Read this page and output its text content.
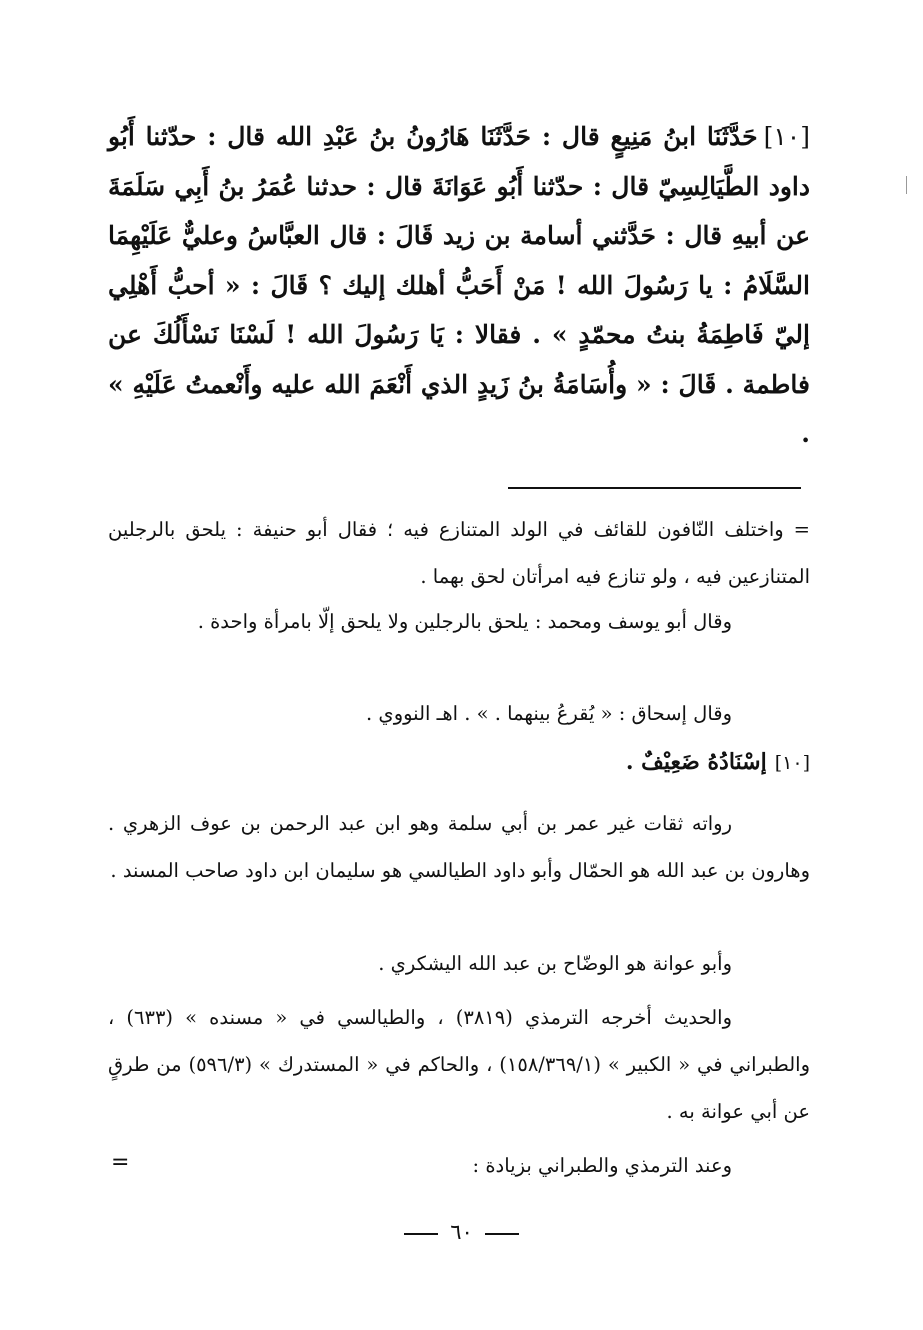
[١٠]حَدَّثَنَا ابنُ مَنِيعٍ قال : حَدَّثَنَا هَارُونُ بنُ عَبْدِ الله قال : حدّثنا أَبُو داود الطَّيَالِسِيّ قال : حدّثنا أَبُو عَوَانَةَ قال : حدثنا عُمَرُ بنُ أَبِي سَلَمَةَ عن أبيهِ قال : حَدَّثني أسامة بن زيد قَالَ : قال العبَّاسُ وعليٌّ عَلَيْهِمَا السَّلَامُ : يا رَسُولَ الله ! مَنْ أَحَبُّ أهلك إليك ؟ قَالَ : « أحبُّ أَهْلِي إليّ فَاطِمَةُ بنتُ محمّدٍ » . فقالا : يَا رَسُولَ الله ! لَسْنَا نَسْأَلُكَ عن فاطمة . قَالَ : « وأُسَامَةُ بنُ زَيدٍ الذي أَنْعَمَ الله عليه وأَنْعمتُ عَلَيْهِ » .

= واختلف النّافون للقائف في الولد المتنازع فيه ؛ فقال أبو حنيفة : يلحق بالرجلين المتنازعين فيه ، ولو تنازع فيه امرأتان لحق بهما .

وقال أبو يوسف ومحمد : يلحق بالرجلين ولا يلحق إلّا بامرأة واحدة .

وقال إسحاق : « يُقرعُ بينهما . » . اهـ النووي .

[١٠]إسْنَادُهُ ضَعِيْفٌ .

رواته ثقات غير عمر بن أبي سلمة وهو ابن عبد الرحمن بن عوف الزهري . وهارون بن عبد الله هو الحمّال وأبو داود الطيالسي هو سليمان ابن داود صاحب المسند .

وأبو عوانة هو الوضّاح بن عبد الله اليشكري .

والحديث أخرجه الترمذي (٣٨١٩) ، والطيالسي في « مسنده » (٦٣٣) ، والطبراني في « الكبير » (١٥٨/٣٦٩/١) ، والحاكم في « المستدرك » (٥٩٦/٣) من طرقٍ عن أبي عوانة به .

وعند الترمذي والطبراني بزيادة :

=
٦٠
